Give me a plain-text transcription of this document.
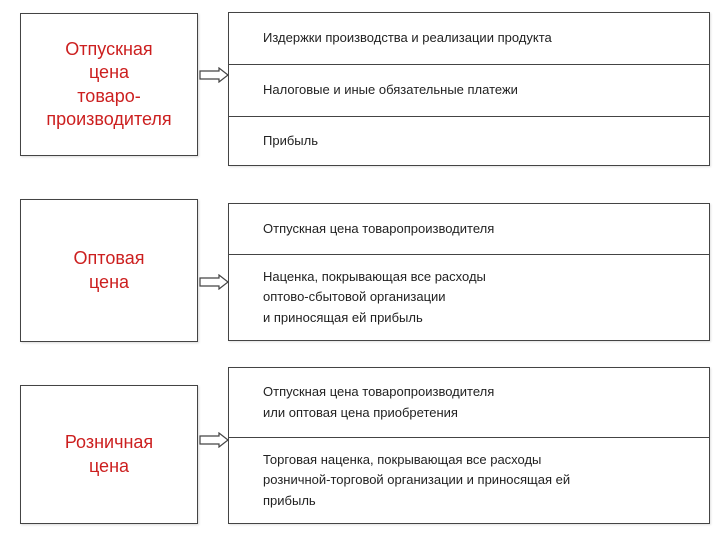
Отпускная
цена
товаро-
производителя
Издержки производства и реализации продукта
Налоговые и иные обязательные платежи
Прибыль
Оптовая
цена
Отпускная цена товаропроизводителя
Наценка, покрывающая все расходы
оптово-сбытовой организации
и приносящая ей прибыль
Розничная
цена
Отпускная цена товаропроизводителя
или оптовая цена приобретения
Торговая наценка, покрывающая все расходы
розничной-торговой организации и приносящая ей
прибыль
